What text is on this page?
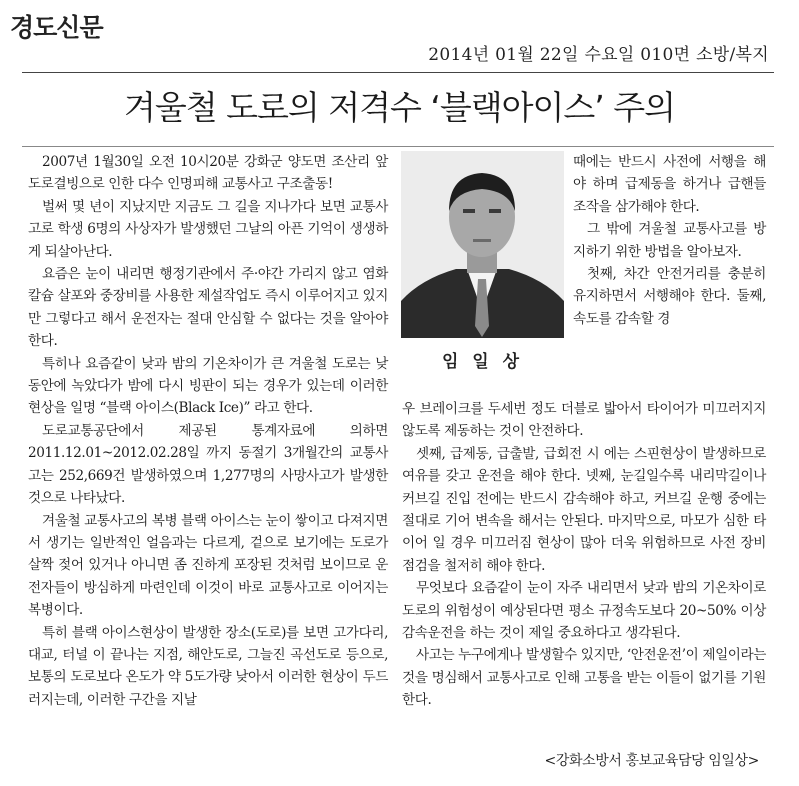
경도신문
2014년 01월 22일 수요일 010면 소방/복지
겨울철 도로의 저격수 ‘블랙아이스’ 주의

2007년 1월30일 오전 10시20분 강화군 양도면 조산리 앞 도로결빙으로 인한 다수 인명피해 교통사고 구조출동!

벌써 몇 년이 지났지만 지금도 그 길을 지나가다 보면 교통사고로 학생 6명의 사상자가 발생했던 그날의 아픈 기억이 생생하게 되살아난다.

요즘은 눈이 내리면 행정기관에서 주·야간 가리지 않고 염화칼슘 살포와 중장비를 사용한 제설작업도 즉시 이루어지고 있지만 그렇다고 해서 운전자는 절대 안심할 수 없다는 것을 알아야한다.

특히나 요즘같이 낮과 밤의 기온차이가 큰 겨울철 도로는 낮 동안에 녹았다가 밤에 다시 빙판이 되는 경우가 있는데 이러한 현상을 일명 “블랙 아이스(Black Ice)” 라고 한다.

도로교통공단에서 제공된 통계자료에 의하면 2011.12.01~2012.02.28일 까지 동절기 3개월간의 교통사고는 252,669건 발생하였으며 1,277명의 사망사고가 발생한 것으로 나타났다.

겨울철 교통사고의 복병 블랙 아이스는 눈이 쌓이고 다져지면서 생기는 일반적인 얼음과는 다르게, 겉으로 보기에는 도로가 살짝 젖어 있거나 아니면 좀 진하게 포장된 것처럼 보이므로 운전자들이 방심하게 마련인데 이것이 바로 교통사고로 이어지는 복병이다.

특히 블랙 아이스현상이 발생한 장소(도로)를 보면 고가다리, 대교, 터널 이 끝나는 지점, 해안도로, 그늘진 곡선도로 등으로, 보통의 도로보다 온도가 약 5도가량 낮아서 이러한 현상이 두드러지는데, 이러한 구간을 지날

임 일 상

때에는 반드시 사전에 서행을 해야 하며 급제동을 하거나 급핸들 조작을 삼가해야 한다.

그 밖에 겨울철 교통사고를 방지하기 위한 방법을 알아보자.

첫째, 차간 안전거리를 충분히 유지하면서 서행해야 한다. 둘째, 속도를 감속할 경

우 브레이크를 두세번 정도 더블로 밟아서 타이어가 미끄러지지 않도록 제동하는 것이 안전하다.

셋째, 급제동, 급출발, 급회전 시 에는 스핀현상이 발생하므로 여유를 갖고 운전을 해야 한다. 넷째, 눈길일수록 내리막길이나 커브길 진입 전에는 반드시 감속해야 하고, 커브길 운행 중에는 절대로 기어 변속을 해서는 안된다. 마지막으로, 마모가 심한 타이어 일 경우 미끄러짐 현상이 많아 더욱 위험하므로 사전 장비 점검을 철저히 해야 한다.

무엇보다 요즘같이 눈이 자주 내리면서 낮과 밤의 기온차이로 도로의 위험성이 예상된다면 평소 규정속도보다 20~50% 이상 감속운전을 하는 것이 제일 중요하다고 생각된다.

사고는 누구에게나 발생할수 있지만, ‘안전운전’이 제일이라는것을 명심해서 교통사고로 인해 고통을 받는 이들이 없기를 기원한다.

<강화소방서 홍보교육담당 임일상>
